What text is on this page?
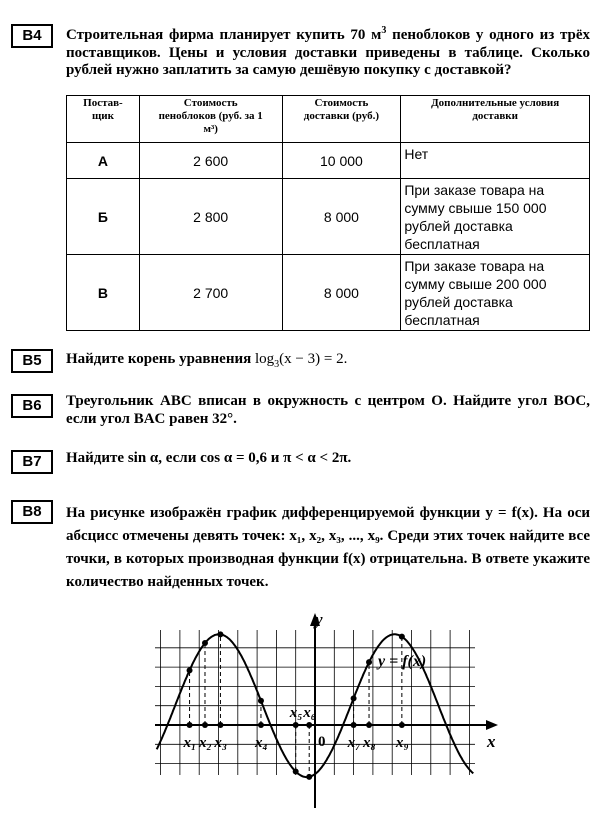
B4	Строительная фирма планирует купить 70 $м^3$ пеноблоков у одного из трёх поставщиков. Цены и условия доставки приведены в таблице. Сколько рублей нужно заплатить за самую дешёвую покупку с доставкой?
Постав-щик	Стоимость пеноблоков (руб. за 1 м³)	Стоимость доставки (руб.)	Дополнительные условия доставки
А	2 600	10 000	Нет
Б	2 800	8 000	При заказе товара на сумму свыше 150 000 рублей доставка бесплатная
В	2 700	8 000	При заказе товара на сумму свыше 200 000 рублей доставка бесплатная
B5	Найдите корень уравнения $\log_3(x - 3) = 2$.
B6	Треугольник ABC вписан в окружность с центром O. Найдите угол BOC, если угол BAC равен 32°.
B7	Найдите sin α, если cos α = 0,6 и π < α < 2π.
B8	На рисунке изображён график дифференцируемой функции y = f(x). На оси абсцисс отмечены девять точек: x₁, x₂, x₃, ..., x₉. Среди этих точек найдите все точки, в которых производная функции f(x) отрицательна. В ответе укажите количество найденных точек.
x₁ x₂ x₃ x₄
x₅ x₆
x₇ x₈ x₉
y
x
0
y = f(x)
